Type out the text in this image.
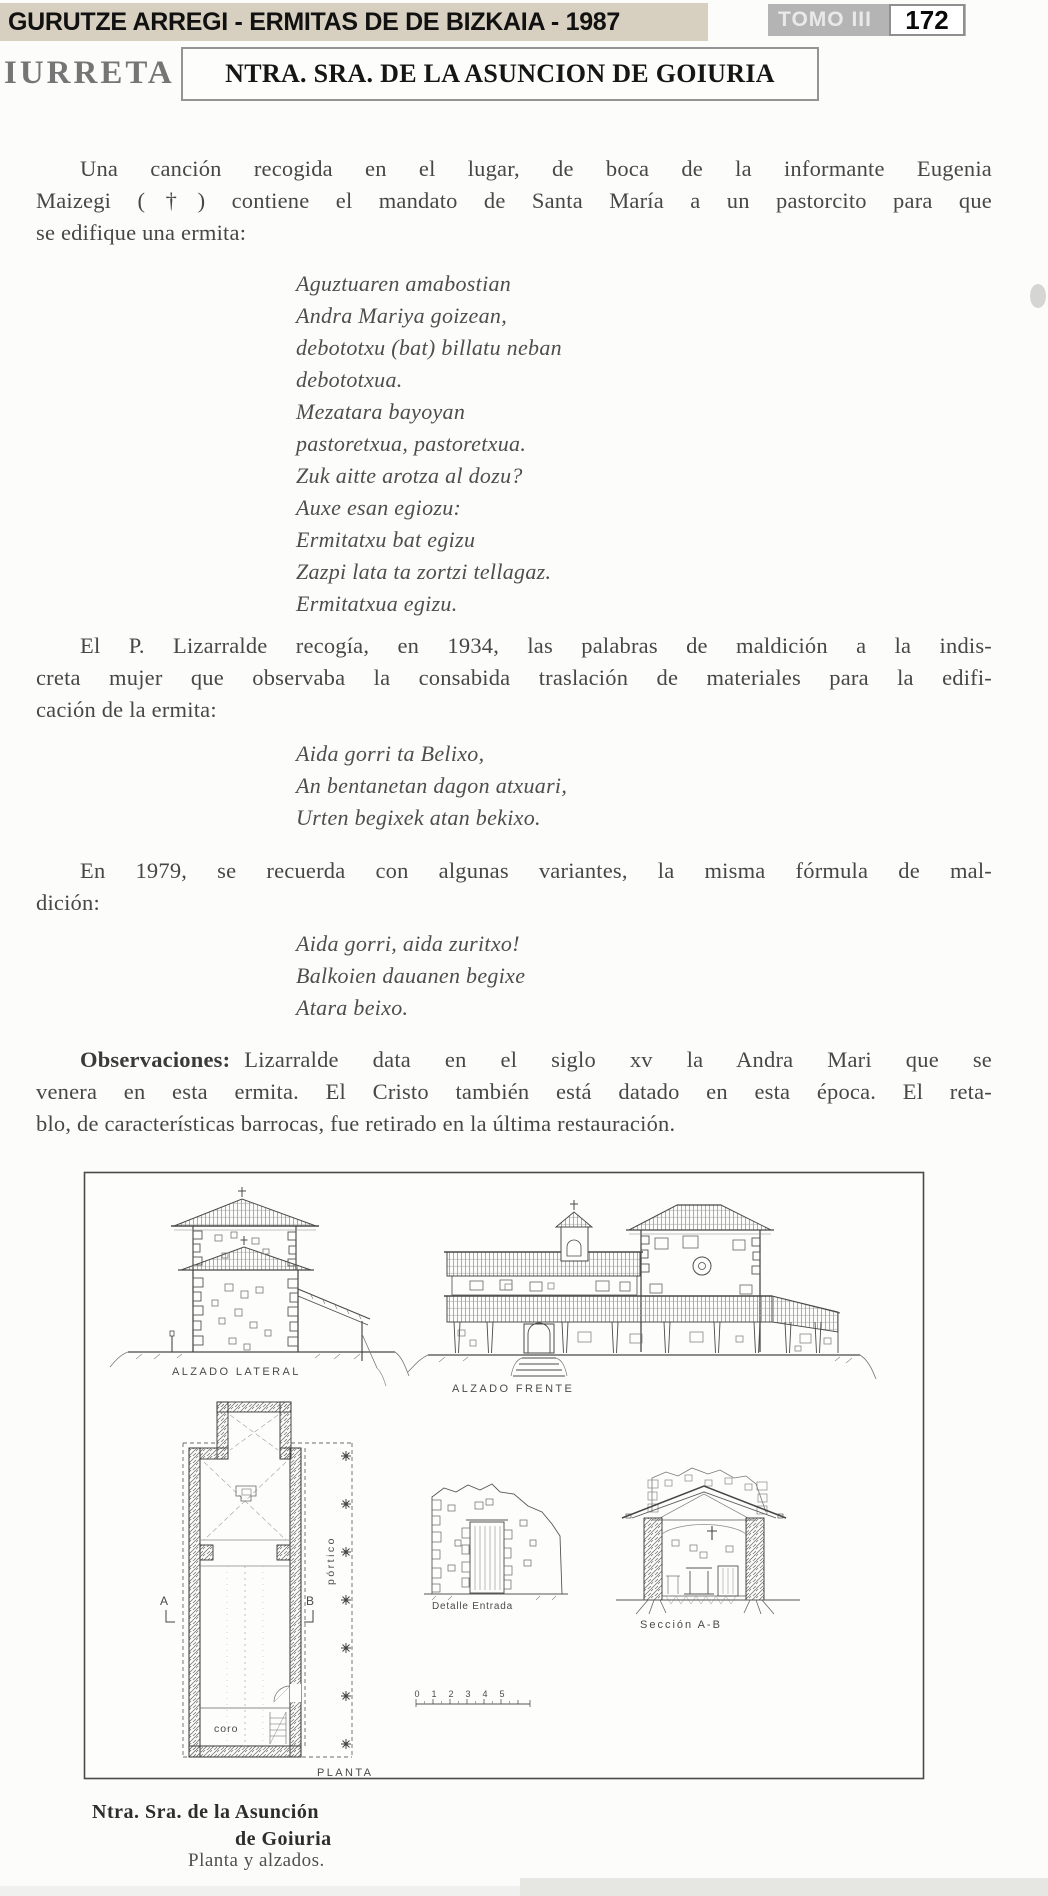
GURUTZE ARREGI - ERMITAS DE DE BIZKAIA - 1987	TOMO III	172
IURRETA NTRA. SRA. DE LA ASUNCION DE GOIURIA
Una canción recogida en el lugar, de boca de la informante Eugenia
Maizegi (†) contiene el mandato de Santa María a un pastorcito para que
se edifique una ermita:
Aguztuaren amabostian
Andra Mariya goizean,
debototxu (bat) billatu neban
debototxua.
Mezatara bayoyan
pastoretxua, pastoretxua.
Zuk aitte arotza al dozu?
Auxe esan egiozu:
Ermitatxu bat egizu
Zazpi lata ta zortzi tellagaz.
Ermitatxua egizu.
El P. Lizarralde recogía, en 1934, las palabras de maldición a la indis-
creta mujer que observaba la consabida traslación de materiales para la edifi-
cación de la ermita:
Aida gorri ta Belixo,
An bentanetan dagon atxuari,
Urten begixek atan bekixo.
En 1979, se recuerda con algunas variantes, la misma fórmula de mal-
dición:
Aida gorri, aida zuritxo!
Balkoien dauanen begixe
Atara beixo.
Observaciones: Lizarralde data en el siglo xv la Andra Mari que se
venera en esta ermita. El Cristo también está datado en esta época. El reta-
blo, de características barrocas, fue retirado en la última restauración.
ALZADO LATERAL
ALZADO FRENTE
A	B
pórtico
coro
PLANTA
Detalle Entrada
Sección A-B
0 1 2 3 4 5
Ntra. Sra. de la Asunción
de Goiuria
Planta y alzados.
